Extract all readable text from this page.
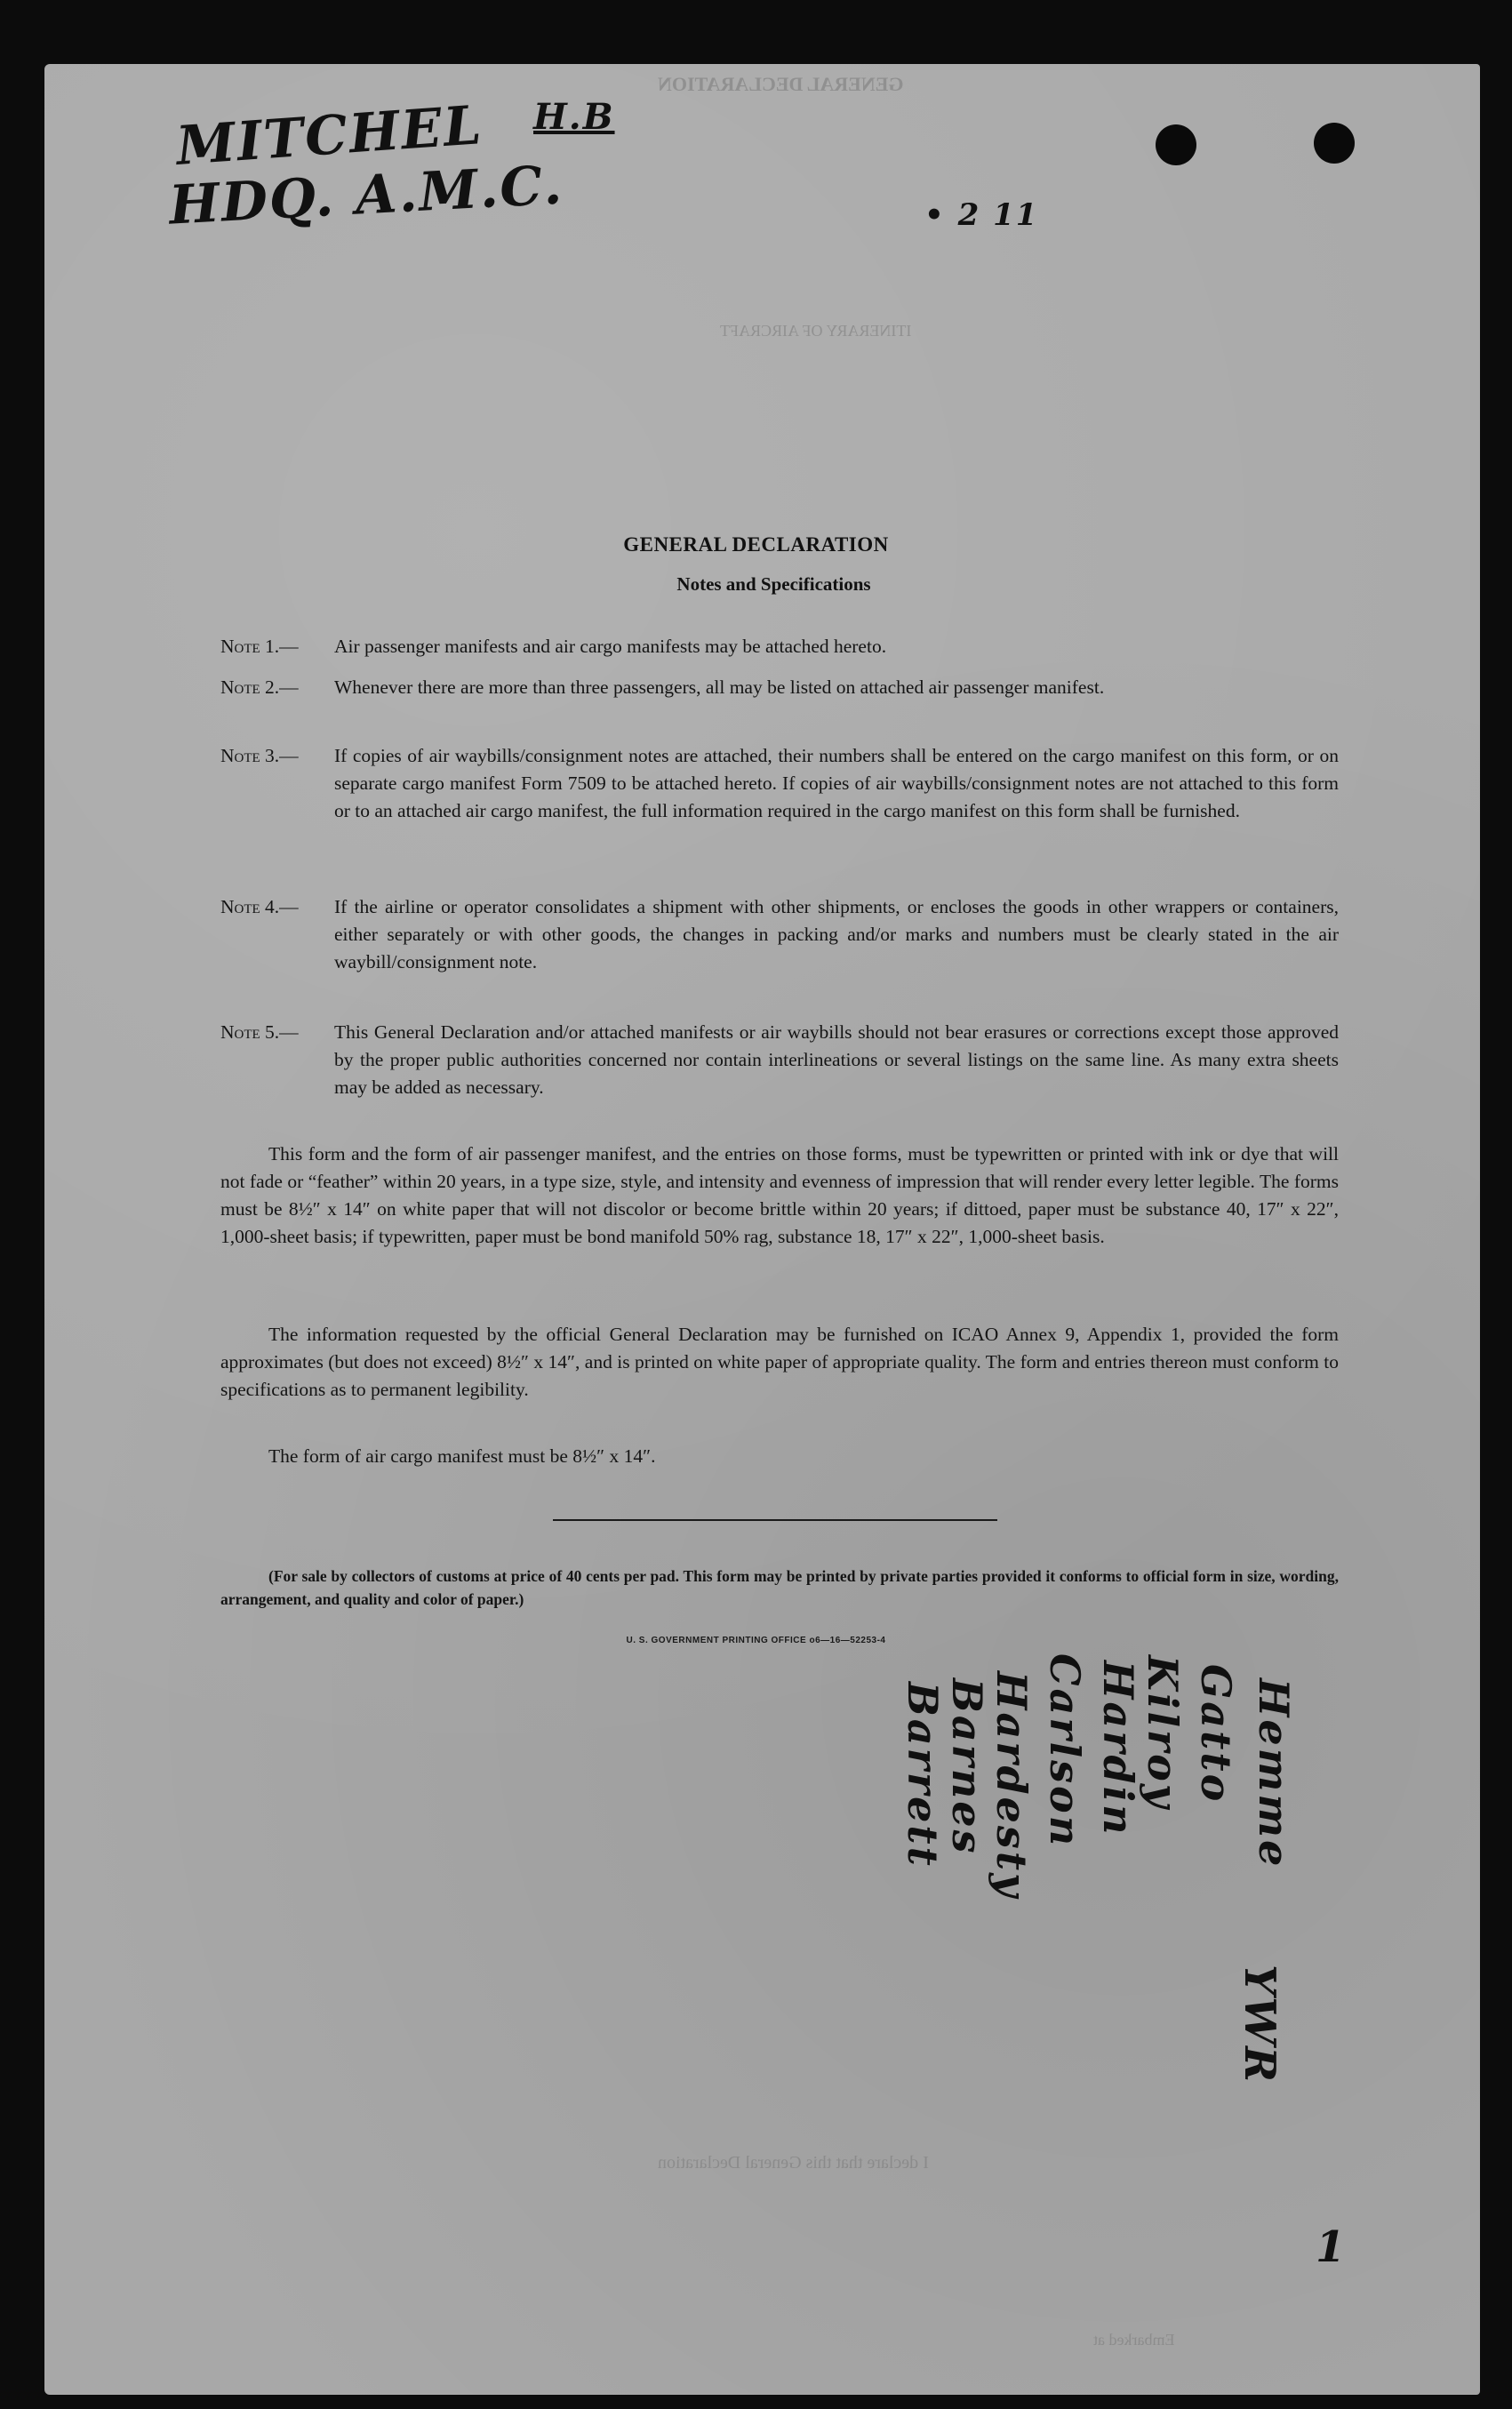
GENERAL DECLARATION
ITINERARY OF AIRCRAFT
I declare that this General Declaration
Embarked at
MITCHEL H.B
HDQ. A.M.C.	• 2 11
GENERAL DECLARATION
Notes and Specifications
Note 1.— Air passenger manifests and air cargo manifests may be attached hereto.
Note 2.— Whenever there are more than three passengers, all may be listed on attached air passenger manifest.
Note 3.— If copies of air waybills/consignment notes are attached, their numbers shall be entered on the cargo manifest on this form, or on separate cargo manifest Form 7509 to be attached hereto. If copies of air waybills/consignment notes are not attached to this form or to an attached air cargo manifest, the full information required in the cargo manifest on this form shall be furnished.
Note 4.— If the airline or operator consolidates a shipment with other shipments, or encloses the goods in other wrappers or containers, either separately or with other goods, the changes in packing and/or marks and numbers must be clearly stated in the air waybill/consignment note.
Note 5.— This General Declaration and/or attached manifests or air waybills should not bear erasures or corrections except those approved by the proper public authorities concerned nor contain interlineations or several listings on the same line. As many extra sheets may be added as necessary.
This form and the form of air passenger manifest, and the entries on those forms, must be typewritten or printed with ink or dye that will not fade or “feather” within 20 years, in a type size, style, and intensity and evenness of impression that will render every letter legible. The forms must be 8½″ x 14″ on white paper that will not discolor or become brittle within 20 years; if dittoed, paper must be substance 40, 17″ x 22″, 1,000-sheet basis; if typewritten, paper must be bond manifold 50% rag, substance 18, 17″ x 22″, 1,000-sheet basis.
The information requested by the official General Declaration may be furnished on ICAO Annex 9, Appendix 1, provided the form approximates (but does not exceed) 8½″ x 14″, and is printed on white paper of appropriate quality. The form and entries thereon must conform to specifications as to permanent legibility.
The form of air cargo manifest must be 8½″ x 14″.
(For sale by collectors of customs at price of 40 cents per pad. This form may be printed by private parties provided it conforms to official form in size, wording, arrangement, and quality and color of paper.)
U. S. GOVERNMENT PRINTING OFFICE o6—16—52253-4
Hemme
Gatto
Kilroy
Hardin
Carlson
Hardesty
Barnes
Barrett
YWR
1
